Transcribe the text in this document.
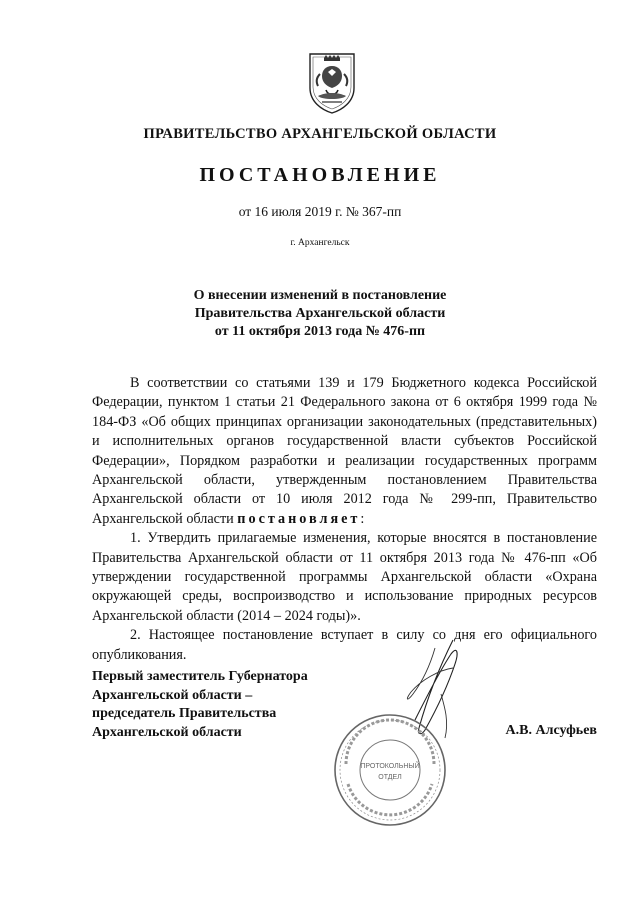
ПРАВИТЕЛЬСТВО АРХАНГЕЛЬСКОЙ ОБЛАСТИ
ПОСТАНОВЛЕНИЕ
от 16 июля 2019 г. № 367-пп
г. Архангельск
О внесении изменений в постановление
Правительства Архангельской области
от 11 октября 2013 года № 476-пп

В соответствии со статьями 139 и 179 Бюджетного кодекса Российской Федерации, пунктом 1 статьи 21 Федерального закона от 6 октября 1999 года № 184-ФЗ «Об общих принципах организации законодательных (представительных) и исполнительных органов государственной власти субъектов Российской Федерации», Порядком разработки и реализации государственных программ Архангельской области, утвержденным постановлением Правительства Архангельской области от 10 июля 2012 года № 299-пп, Правительство Архангельской области постановляет:

1. Утвердить прилагаемые изменения, которые вносятся в постановление Правительства Архангельской области от 11 октября 2013 года № 476-пп «Об утверждении государственной программы Архангельской области «Охрана окружающей среды, воспроизводство и использование природных ресурсов Архангельской области (2014 – 2024 годы)».

2. Настоящее постановление вступает в силу со дня его официального опубликования.

Первый заместитель Губернатора
Архангельской области –
председатель Правительства
Архангельской области	А.В. Алсуфьев
ПРОТОКОЛЬНЫЙ
ОТДЕЛ
